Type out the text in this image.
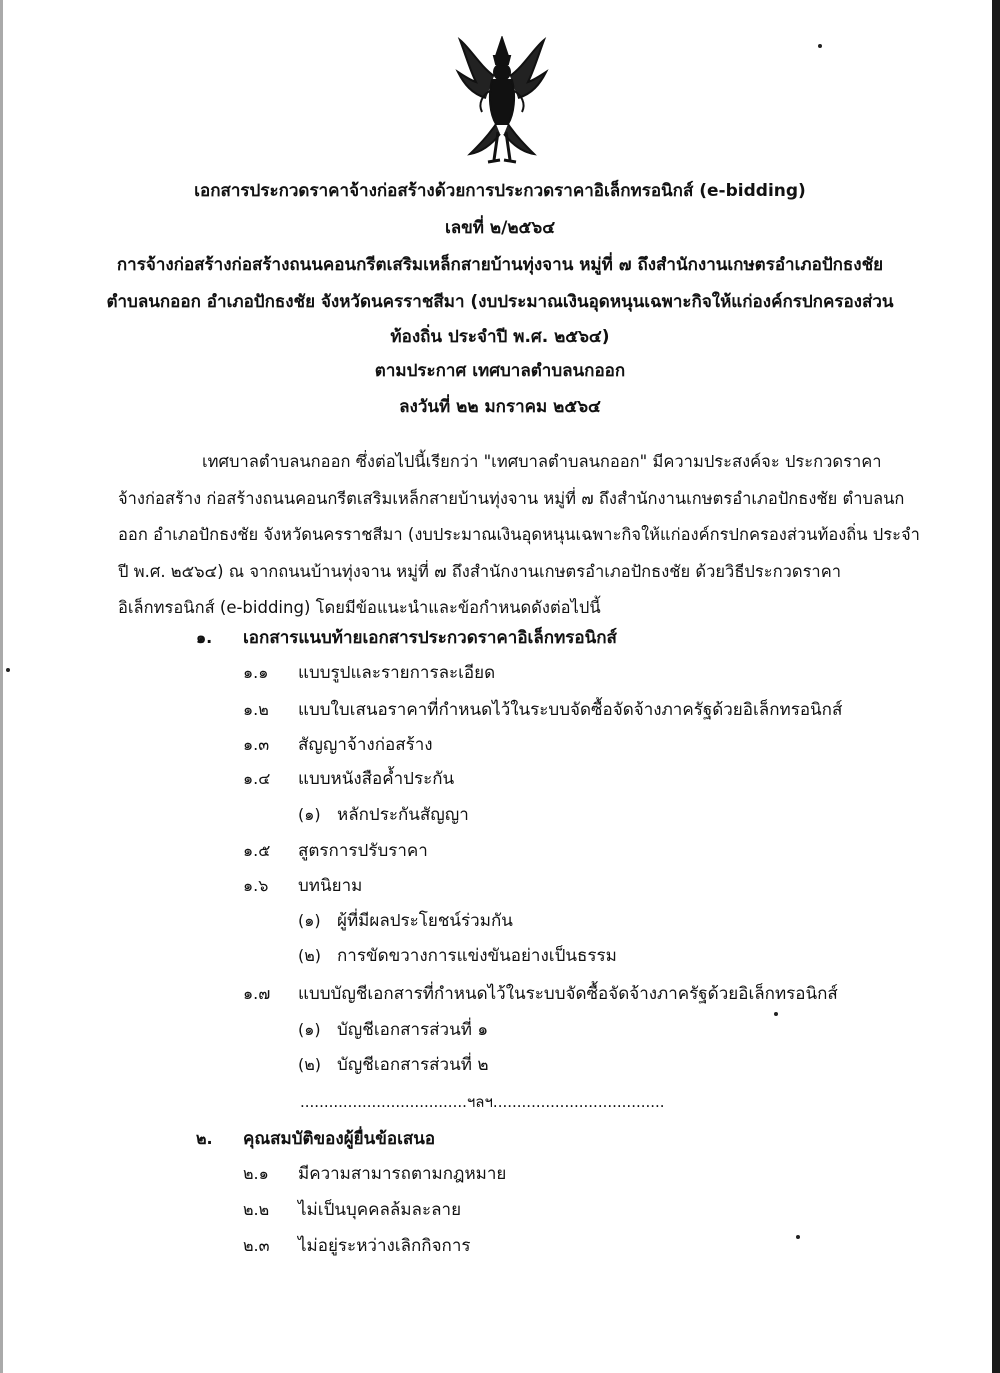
เอกสารประกวดราคาจ้างก่อสร้างด้วยการประกวดราคาอิเล็กทรอนิกส์ (e-bidding)
เลขที่ ๒/๒๕๖๔
การจ้างก่อสร้างก่อสร้างถนนคอนกรีตเสริมเหล็กสายบ้านทุ่งจาน หมู่ที่ ๗ ถึงสำนักงานเกษตรอำเภอปักธงชัย
ตำบลนกออก อำเภอปักธงชัย จังหวัดนครราชสีมา (งบประมาณเงินอุดหนุนเฉพาะกิจให้แก่องค์กรปกครองส่วน
ท้องถิ่น ประจำปี พ.ศ. ๒๕๖๔)
ตามประกาศ เทศบาลตำบลนกออก
ลงวันที่ ๒๒ มกราคม ๒๕๖๔
เทศบาลตำบลนกออก ซึ่งต่อไปนี้เรียกว่า "เทศบาลตำบลนกออก" มีความประสงค์จะ ประกวดราคา
จ้างก่อสร้าง ก่อสร้างถนนคอนกรีตเสริมเหล็กสายบ้านทุ่งจาน หมู่ที่ ๗ ถึงสำนักงานเกษตรอำเภอปักธงชัย ตำบลนก
ออก อำเภอปักธงชัย จังหวัดนครราชสีมา (งบประมาณเงินอุดหนุนเฉพาะกิจให้แก่องค์กรปกครองส่วนท้องถิ่น ประจำ
ปี พ.ศ. ๒๕๖๔) ณ จากถนนบ้านทุ่งจาน หมู่ที่ ๗ ถึงสำนักงานเกษตรอำเภอปักธงชัย ด้วยวิธีประกวดราคา
อิเล็กทรอนิกส์ (e-bidding) โดยมีข้อแนะนำและข้อกำหนดดังต่อไปนี้
๑. เอกสารแนบท้ายเอกสารประกวดราคาอิเล็กทรอนิกส์
๑.๑ แบบรูปและรายการละเอียด
๑.๒ แบบใบเสนอราคาที่กำหนดไว้ในระบบจัดซื้อจัดจ้างภาครัฐด้วยอิเล็กทรอนิกส์
๑.๓ สัญญาจ้างก่อสร้าง
๑.๔ แบบหนังสือค้ำประกัน
(๑) หลักประกันสัญญา
๑.๕ สูตรการปรับราคา
๑.๖ บทนิยาม
(๑) ผู้ที่มีผลประโยชน์ร่วมกัน
(๒) การขัดขวางการแข่งขันอย่างเป็นธรรม
๑.๗ แบบบัญชีเอกสารที่กำหนดไว้ในระบบจัดซื้อจัดจ้างภาครัฐด้วยอิเล็กทรอนิกส์
(๑) บัญชีเอกสารส่วนที่ ๑
(๒) บัญชีเอกสารส่วนที่ ๒
...................................ฯลฯ....................................
๒. คุณสมบัติของผู้ยื่นข้อเสนอ
๒.๑ มีความสามารถตามกฎหมาย
๒.๒ ไม่เป็นบุคคลล้มละลาย
๒.๓ ไม่อยู่ระหว่างเลิกกิจการ
